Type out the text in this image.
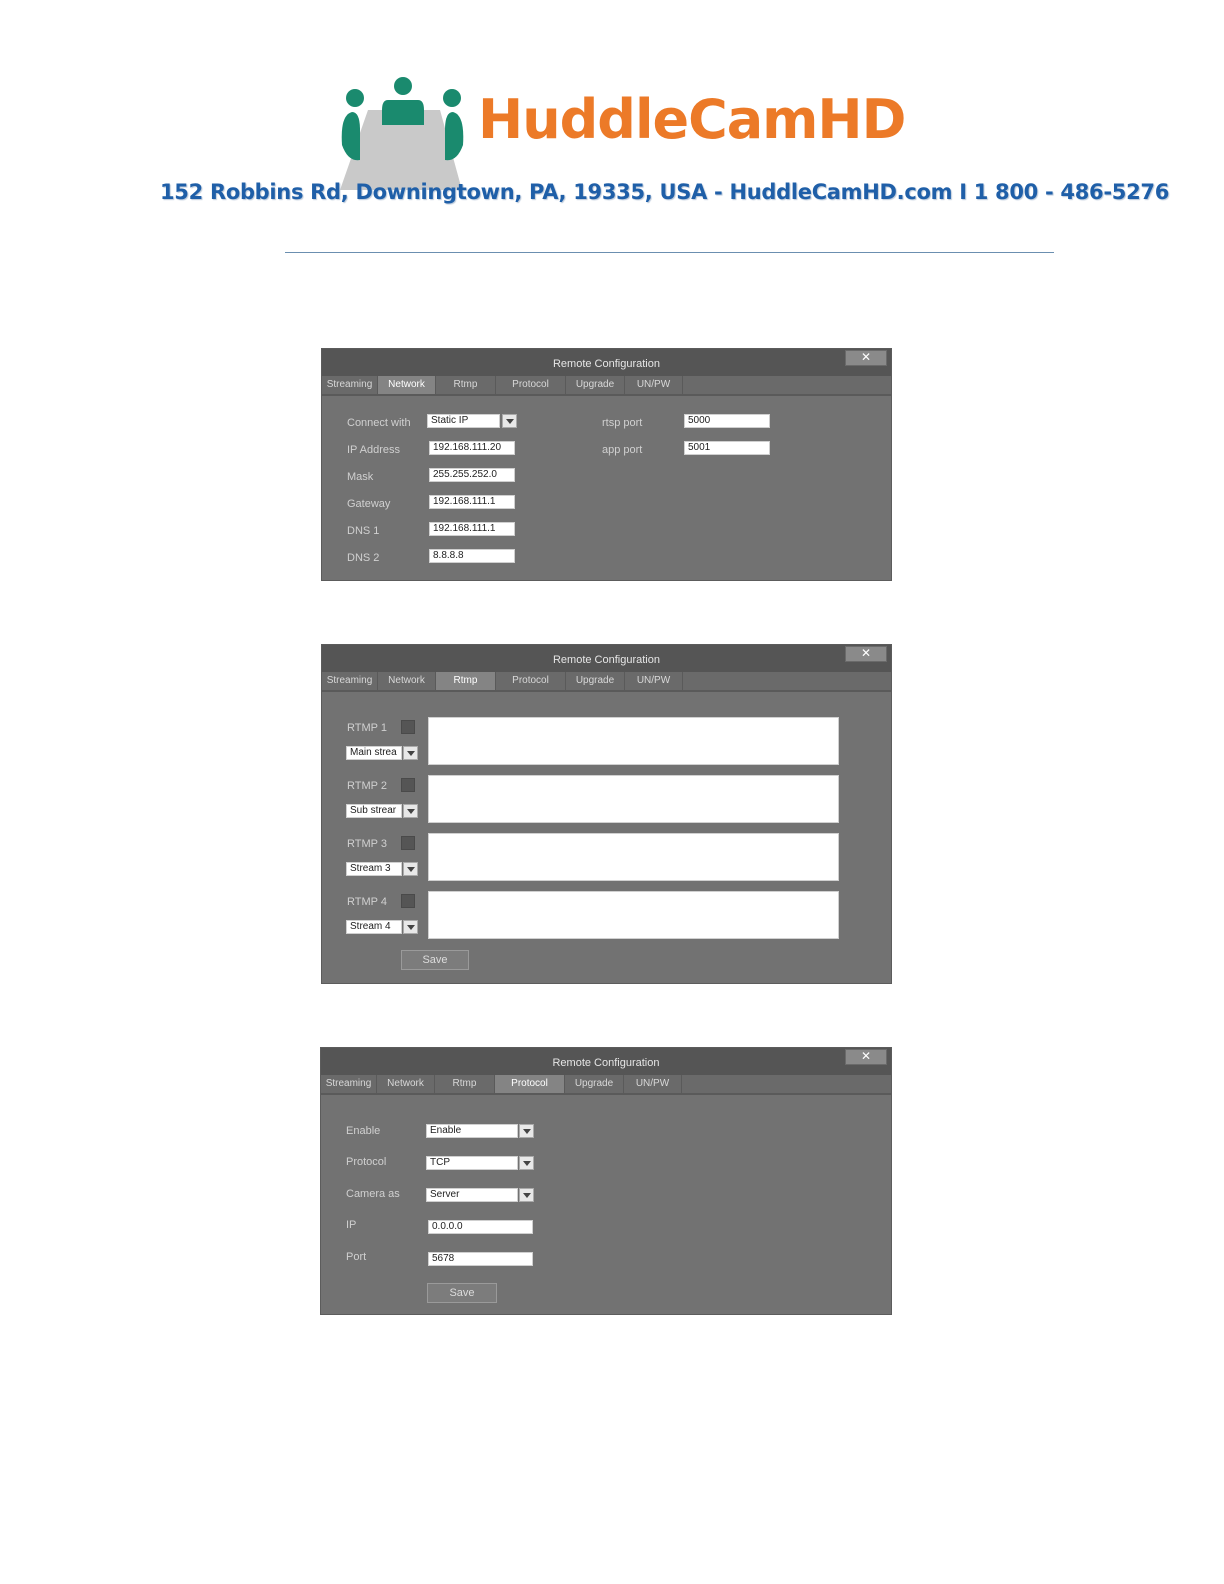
HuddleCamHD
152 Robbins Rd, Downingtown, PA, 19335, USA - HuddleCamHD.com I 1 800 - 486-5276
Remote Configuration	✕
Streaming	Network	Rtmp	Protocol	Upgrade	UN/PW
Connect with	Static IP
IP Address	192.168.111.20
Mask	255.255.252.0
Gateway	192.168.111.1
DNS 1	192.168.111.1
DNS 2	8.8.8.8
rtsp port	5000
app port	5001
Remote Configuration	✕
Streaming	Network	Rtmp	Protocol	Upgrade	UN/PW
RTMP 1
Main strea
RTMP 2
Sub strear
RTMP 3
Stream 3
RTMP 4
Stream 4
Save
Remote Configuration	✕
Streaming	Network	Rtmp	Protocol	Upgrade	UN/PW
Enable	Enable
Protocol	TCP
Camera as	Server
IP	0.0.0.0
Port	5678
Save
